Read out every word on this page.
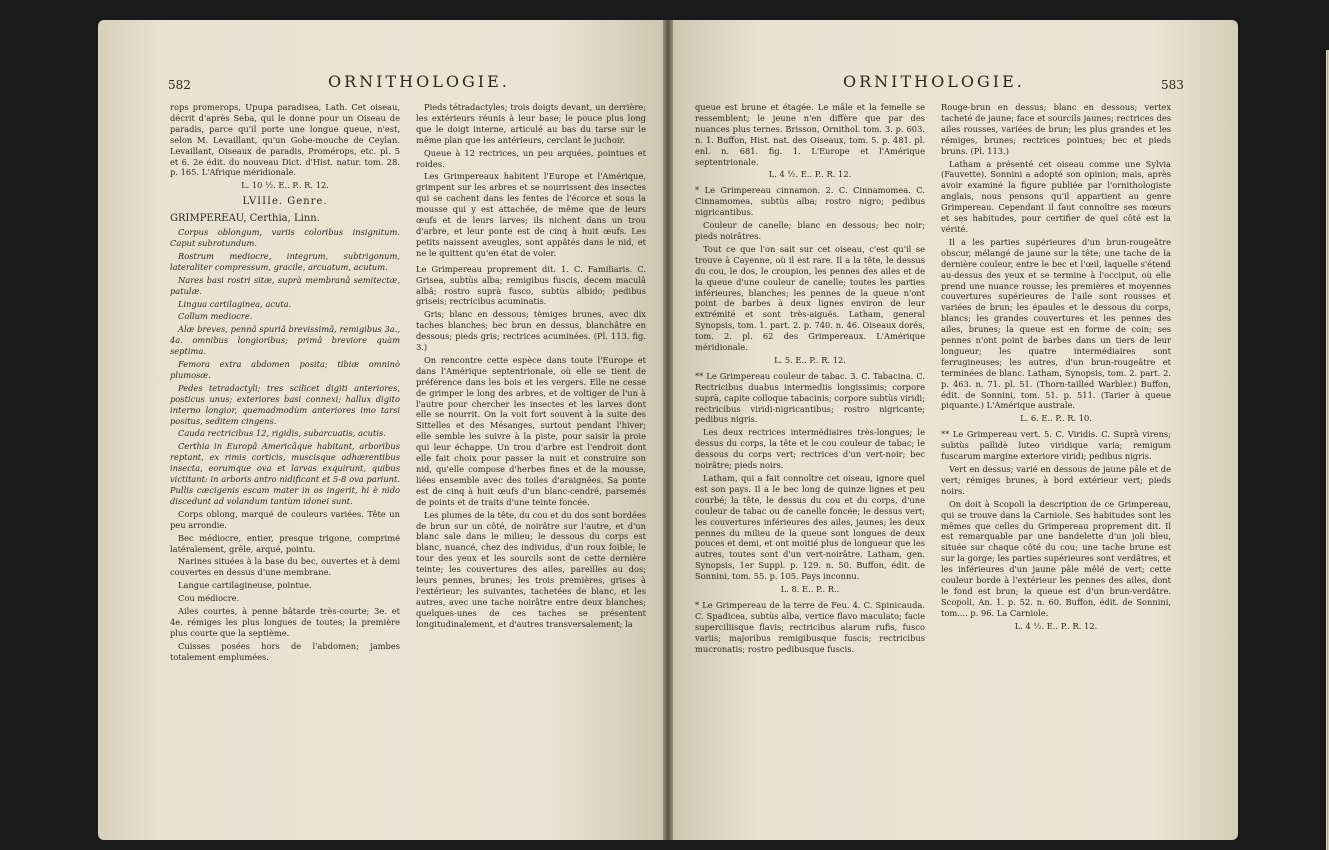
582	ORNITHOLOGIE.

rops promerops, Upupa paradisea, Lath. Cet oiseau, décrit d'après Seba, qui le donne pour un Oiseau de paradis, parce qu'il porte une longue queue, n'est, selon M. Levaillant, qu'un Gobe-mouche de Ceylan. Levaillant, Oiseaux de paradis, Promérops, etc. pl. 5 et 6. 2e édit. du nouveau Dict. d'Hist. natur. tom. 28. p. 165. L'Afrique méridionale.

L. 10 ½. E.. P.. R. 12.

LVIIIe. Genre.

GRIMPEREAU, Certhia, Linn.

Corpus oblongum, variis coloribus insignitum. Caput subrotundum.

Rostrum mediocre, integrum, subtrigonum, lateraliter compressum, gracile, arcuatum, acutum.

Nares basi rostri sitæ, suprà membranâ semitectæ, patulæ.

Lingua cartilaginea, acuta.

Collum mediocre.

Alæ breves, pennâ spuriâ brevissimâ, remigibus 3a., 4a. omnibus longioribus; primâ breviore quàm septima.

Femora extra abdomen posita; tibiæ omninò plumosæ.

Pedes tetradactyli; tres scilicet digiti anteriores, posticus unus; exteriores basi connexi; hallux digito interno longior, quemadmodùm anteriores imo tarsi positus, seditem cingens.

Cauda rectricibus 12, rigidis, subarcuatis, acutis.

Certhia in Europâ Americâque habitant, arboribus reptant, ex rimis corticis, muscisque adhærentibus insecta, eorumque ova et larvas exquirunt, quibus victitant: in arboris antro nidificant et 5-8 ova pariunt. Pullis cæcigenis escam mater in os ingerit, hi è nido discedunt ad volandum tantùm idonei sunt.

Corps oblong, marqué de couleurs variées. Tête un peu arrondie.

Bec médiocre, entier, presque trigone, comprimé latéralement, grêle, arqué, pointu.

Narines situées à la base du bec, ouvertes et à demi couvertes en dessus d'une membrane.

Langue cartilagineuse, pointue.

Cou médiocre.

Ailes courtes, à penne bâtarde très-courte; 3e. et 4e. rémiges les plus longues de toutes; la première plus courte que la septième.

Cuisses posées hors de l'abdomen; jambes totalement emplumées.

Pieds tétradactyles; trois doigts devant, un derrière; les extérieurs réunis à leur base; le pouce plus long que le doigt interne, articulé au bas du tarse sur le même plan que les antérieurs, cerclant le juchoir.

Queue à 12 rectrices, un peu arquées, pointues et roides.

Les Grimpereaux habitent l'Europe et l'Amérique, grimpent sur les arbres et se nourrissent des insectes qui se cachent dans les fentes de l'écorce et sous la mousse qui y est attachée, de même que de leurs œufs et de leurs larves; ils nichent dans un trou d'arbre, et leur ponte est de cinq à huit œufs. Les petits naissent aveugles, sont appâtés dans le nid, et ne le quittent qu'en état de voler.

Le Grimpereau proprement dit. 1. C. Familiaris. C. Grisea, subtùs alba; remigibus fuscis, decem maculâ albâ; rostro suprà fusco, subtùs albido; pedibus griseis; rectricibus acuminatis.

Gris; blanc en dessous; tèmiges brunes, avec dix taches blanches; bec brun en dessus, blanchâtre en dessous; pieds gris; rectrices acuminées. (Pl. 113. fig. 3.)

On rencontre cette espèce dans toute l'Europe et dans l'Amérique septentrionale, où elle se tient de préférence dans les bois et les vergers. Elle ne cesse de grimper le long des arbres, et de voltiger de l'un à l'autre pour chercher les insectes et les larves dont elle se nourrit. On la voit fort souvent à la suite des Sittelles et des Mésanges, surtout pendant l'hiver; elle semble les suivre à la piste, pour saisir la proie qui leur échappe. Un trou d'arbre est l'endroit dont elle fait choix pour passer la nuit et construire son nid, qu'elle compose d'herbes fines et de la mousse, liées ensemble avec des toiles d'araignées. Sa ponte est de cinq à huit œufs d'un blanc-cendré, parsemés de points et de traits d'une teinte foncée.

Les plumes de la tête, du cou et du dos sont bordées de brun sur un côté, de noirâtre sur l'autre, et d'un blanc sale dans le milieu; le dessous du corps est blanc, nuancé, chez des individus, d'un roux foible; le tour des yeux et les sourcils sont de cette dernière teinte; les couvertures des ailes, pareilles au dos; leurs pennes, brunes; les trois premières, grises à l'extérieur; les suivantes, tachetées de blanc, et les autres, avec une tache noirâtre entre deux blanches; quelques-unes de ces taches se présentent longitudinalement, et d'autres transversalement; la

ORNITHOLOGIE.	583

queue est brune et étagée. Le mâle et la femelle se ressemblent; le jeune n'en diffère que par des nuances plus ternes. Brisson, Ornithol. tom. 3. p. 603. n. 1. Buffon, Hist. nat. des Oiseaux, tom. 5. p. 481. pl. enl. n. 681. fig. 1. L'Europe et l'Amérique septentrionale.

L. 4 ½. E.. P.. R. 12.

* Le Grimpereau cinnamon. 2. C. Cinnamomea. C. Cinnamomea, subtùs alba; rostro nigro; pedibus nigricantibus.

Couleur de canelle; blanc en dessous; bec noir; pieds noirâtres.

Tout ce que l'on sait sur cet oiseau, c'est qu'il se trouve à Cayenne, où il est rare. Il a la tête, le dessus du cou, le dos, le croupion, les pennes des ailes et de la queue d'une couleur de canelle; toutes les parties inférieures, blanches; les pennes de la queue n'ont point de barbes à deux lignes environ de leur extrémité et sont très-aiguës. Latham, general Synopsis, tom. 1. part. 2. p. 740. n. 46. Oiseaux dorés, tom. 2. pl. 62 des Grimpereaux. L'Amérique méridionale.

L. 5. E.. P.. R. 12.

** Le Grimpereau couleur de tabac. 3. C. Tabacina. C. Rectricibus duabus intermediis longissimis; corpore suprà, capite colloque tabacinis; corpore subtùs viridi; rectricibus viridi-nigricantibus; rostro nigricante; pedibus nigris.

Les deux rectrices intermédiaires très-longues; le dessus du corps, la tête et le cou couleur de tabac; le dessous du corps vert; rectrices d'un vert-noir; bec noirâtre; pieds noirs.

Latham, qui a fait connoître cet oiseau, ignore quel est son pays. Il a le bec long de quinze lignes et peu courbé; la tête, le dessus du cou et du corps, d'une couleur de tabac ou de canelle foncée; le dessus vert; les couvertures inférieures des ailes, jaunes; les deux pennes du milieu de la queue sont longues de deux pouces et demi, et ont moitié plus de longueur que les autres, toutes sont d'un vert-noirâtre. Latham, gen. Synopsis, 1er Suppl. p. 129. n. 50. Buffon, édit. de Sonnini, tom. 55. p. 105. Pays inconnu.

L. 8. E.. P.. R..

* Le Grimpereau de la terre de Feu. 4. C. Spinicauda. C. Spadicea, subtùs alba, vertice flavo maculato; facie superciliisque flavis; rectricibus alarum rufis, fusco variis; majoribus remigibusque fuscis; rectricibus mucronatis; rostro pedibusque fuscis.

Rouge-brun en dessus; blanc en dessous; vertex tacheté de jaune; face et sourcils jaunes; rectrices des ailes rousses, variées de brun; les plus grandes et les rémiges, brunes; rectrices pointues; bec et pieds bruns. (Pl. 113.)

Latham a présenté cet oiseau comme une Sylvia (Fauvette). Sonnini a adopté son opinion; mais, après avoir examiné la figure publiée par l'ornithologiste anglais, nous pensons qu'il appartient au genre Grimpereau. Cependant il faut connoître ses mœurs et ses habitudes, pour certifier de quel côté est la vérité.

Il a les parties supérieures d'un brun-rougeâtre obscur, mélangé de jaune sur la tête; une tache de la dernière couleur, entre le bec et l'œil, laquelle s'étend au-dessus des yeux et se termine à l'occiput, où elle prend une nuance rousse; les premières et moyennes couvertures supérieures de l'aile sont rousses et variées de brun; les épaules et le dessous du corps, blancs; les grandes couvertures et les pennes des ailes, brunes; la queue est en forme de coin; ses pennes n'ont point de barbes dans un tiers de leur longueur; les quatre intermédiaires sont ferrugineuses; les autres, d'un brun-rougeâtre et terminées de blanc. Latham, Synopsis, tom. 2. part. 2. p. 463. n. 71. pl. 51. (Thorn-tailled Warbler.) Buffon, édit. de Sonnini, tom. 51. p. 511. (Tarier à queue piquante.) L'Amérique australe.

L. 6. E.. P.. R. 10.

** Le Grimpereau vert. 5. C. Viridis. C. Suprà virens; subtùs pallidè luteo viridique varia; remigum fuscarum margine exteriore viridi; pedibus nigris.

Vert en dessus; varié en dessous de jaune pâle et de vert; rémiges brunes, à bord extérieur vert; pieds noirs.

On doit à Scopoli la description de ce Grimpereau, qui se trouve dans la Carniole. Ses habitudes sont les mêmes que celles du Grimpereau proprement dit. Il est remarquable par une bandelette d'un joli bleu, située sur chaque côté du cou; une tache brune est sur la gorge; les parties supérieures sont verdâtres, et les inférieures d'un jaune pâle mêlé de vert; cette couleur borde à l'extérieur les pennes des ailes, dont le fond est brun; la queue est d'un brun-verdâtre. Scopoli, An. 1. p. 52. n. 60. Buffon, édit. de Sonnini, tom.... p. 96. La Carniole.

L. 4 ½. E.. P.. R. 12.
